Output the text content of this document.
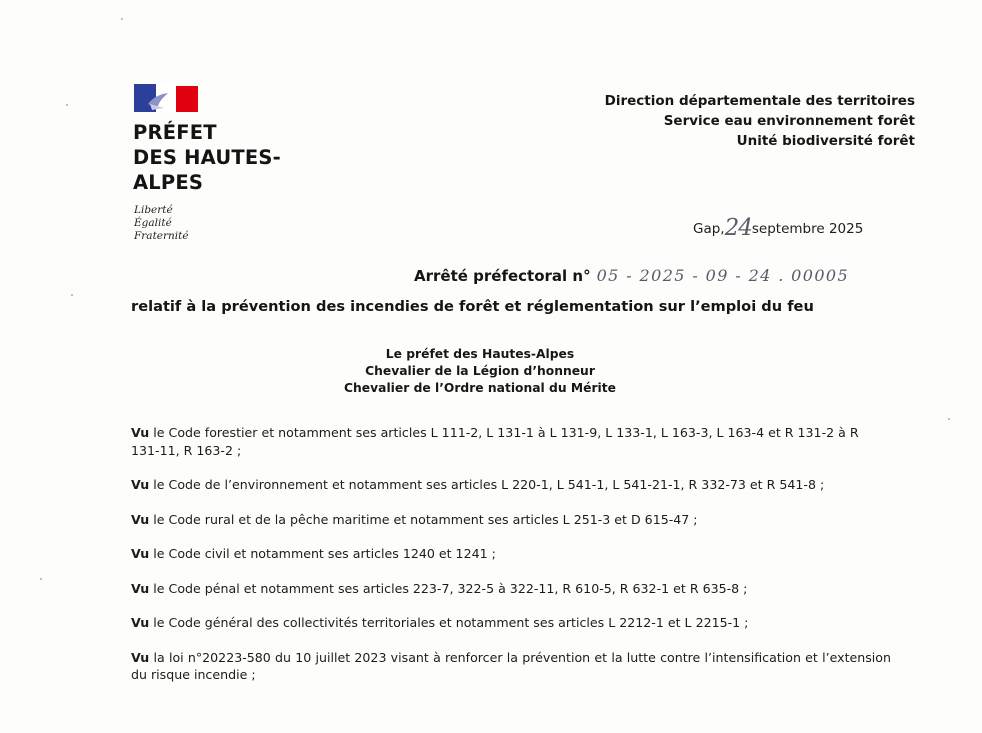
PRÉFET
DES HAUTES-
ALPES
Liberté
Égalité
Fraternité
Direction départementale des territoires
Service eau environnement forêt
Unité biodiversité forêt
Gap,24septembre 2025
Arrêté préfectoral n° 05 - 2025 - 09 - 24 . 00005
relatif à la prévention des incendies de forêt et réglementation sur l’emploi du feu
Le préfet des Hautes-Alpes
Chevalier de la Légion d’honneur
Chevalier de l’Ordre national du Mérite

Vu le Code forestier et notamment ses articles L 111-2, L 131-1 à L 131-9, L 133-1, L 163-3, L 163-4 et R 131-2 à R 131-11, R 163-2 ;

Vu le Code de l’environnement et notamment ses articles L 220-1, L 541-1, L 541-21-1, R 332-73 et R 541-8 ;

Vu le Code rural et de la pêche maritime et notamment ses articles L 251-3 et D 615-47 ;

Vu le Code civil et notamment ses articles 1240 et 1241 ;

Vu le Code pénal et notamment ses articles 223-7, 322-5 à 322-11, R 610-5, R 632-1 et R 635-8 ;

Vu le Code général des collectivités territoriales et notamment ses articles L 2212-1 et L 2215-1 ;

Vu la loi n°20223-580 du 10 juillet 2023 visant à renforcer la prévention et la lutte contre l’intensification et l’extension du risque incendie ;
